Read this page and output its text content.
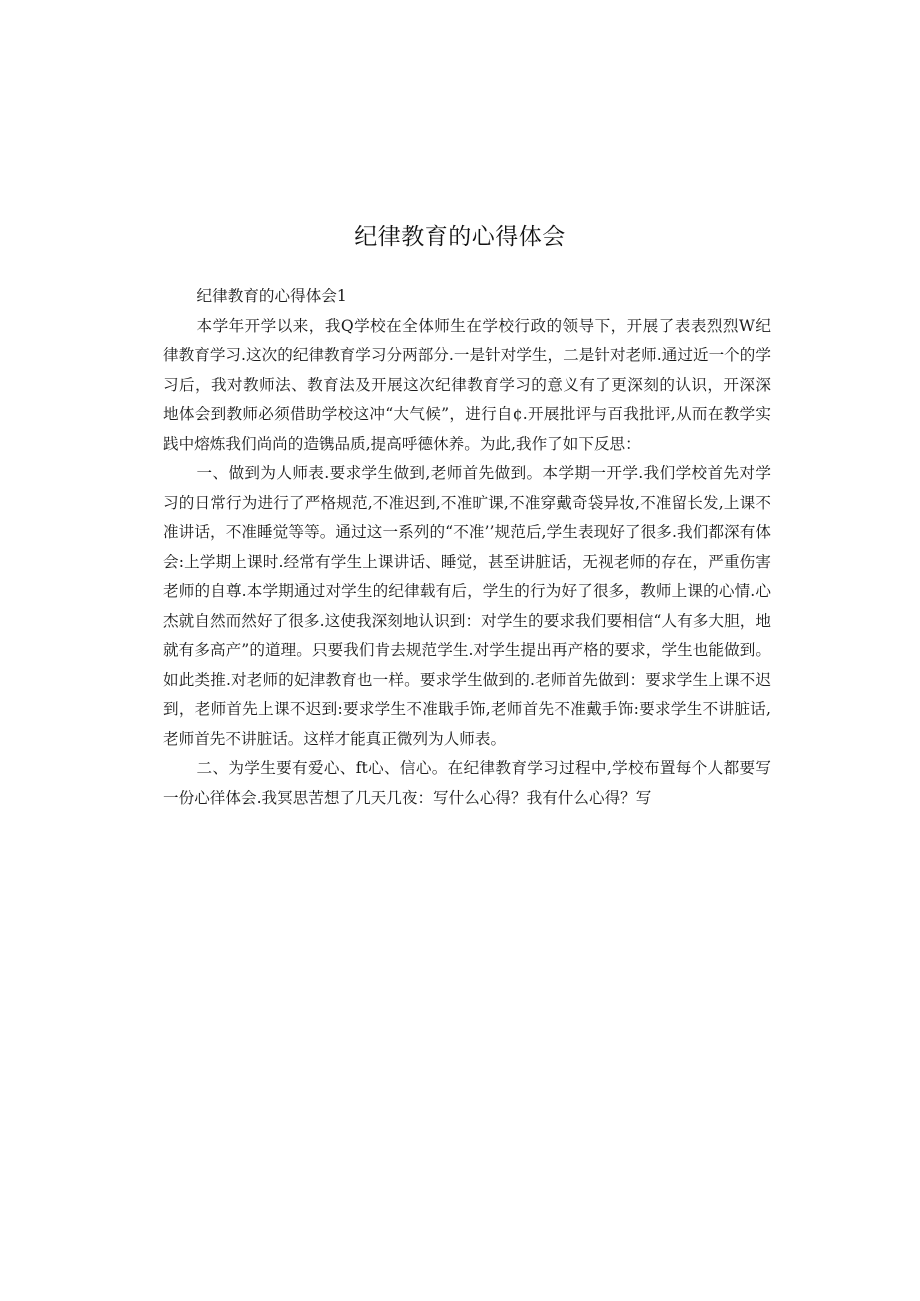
纪律教育的心得体会

纪律教育的心得体会1

本学年开学以来，我Q学校在全体师生在学校行政的领导下，开展了表表烈烈W纪律教育学习.这次的纪律教育学习分两部分.一是针对学生，二是针对老师.通过近一个的学习后，我对教师法、教育法及开展这次纪律教育学习的意义有了更深刻的认识，开深深地体会到教师必须借助学校这冲“大气候”，进行自¢.开展批评与百我批评,从而在教学实践中熔炼我们尚尚的造镌品质,提高呼德休养。为此,我作了如下反思：

一、做到为人师表.要求学生做到,老师首先做到。本学期一开学.我们学校首先对学习的日常行为进行了严格规范,不准迟到,不准旷课,不准穿戴奇袋异妆,不准留长发,上课不准讲话，不准睡觉等等。通过这一系列的“不准’’规范后,学生表现好了很多.我们都深有体会:上学期上课时.经常有学生上课讲话、睡觉，甚至讲脏话，无视老师的存在，严重伤害老师的自尊.本学期通过对学生的纪律载有后，学生的行为好了很多，教师上课的心情.心杰就自然而然好了很多.这使我深刻地认识到：对学生的要求我们要相信“人有多大胆，地就有多高产”的道理。只要我们肯去规范学生.对学生提出再产格的要求，学生也能做到。如此类推.对老师的妃津教育也一样。要求学生做到的.老师首先做到：要求学生上课不迟到，老师首先上课不迟到:要求学生不准戢手饰,老师首先不准戴手饰:要求学生不讲脏话,老师首先不讲脏话。这样才能真正微列为人师表。

二、为学生要有爱心、ft心、信心。在纪律教育学习过程中,学校布置每个人都要写一份心徉体会.我冥思苦想了几天几夜：写什么心得？我有什么心得？写
